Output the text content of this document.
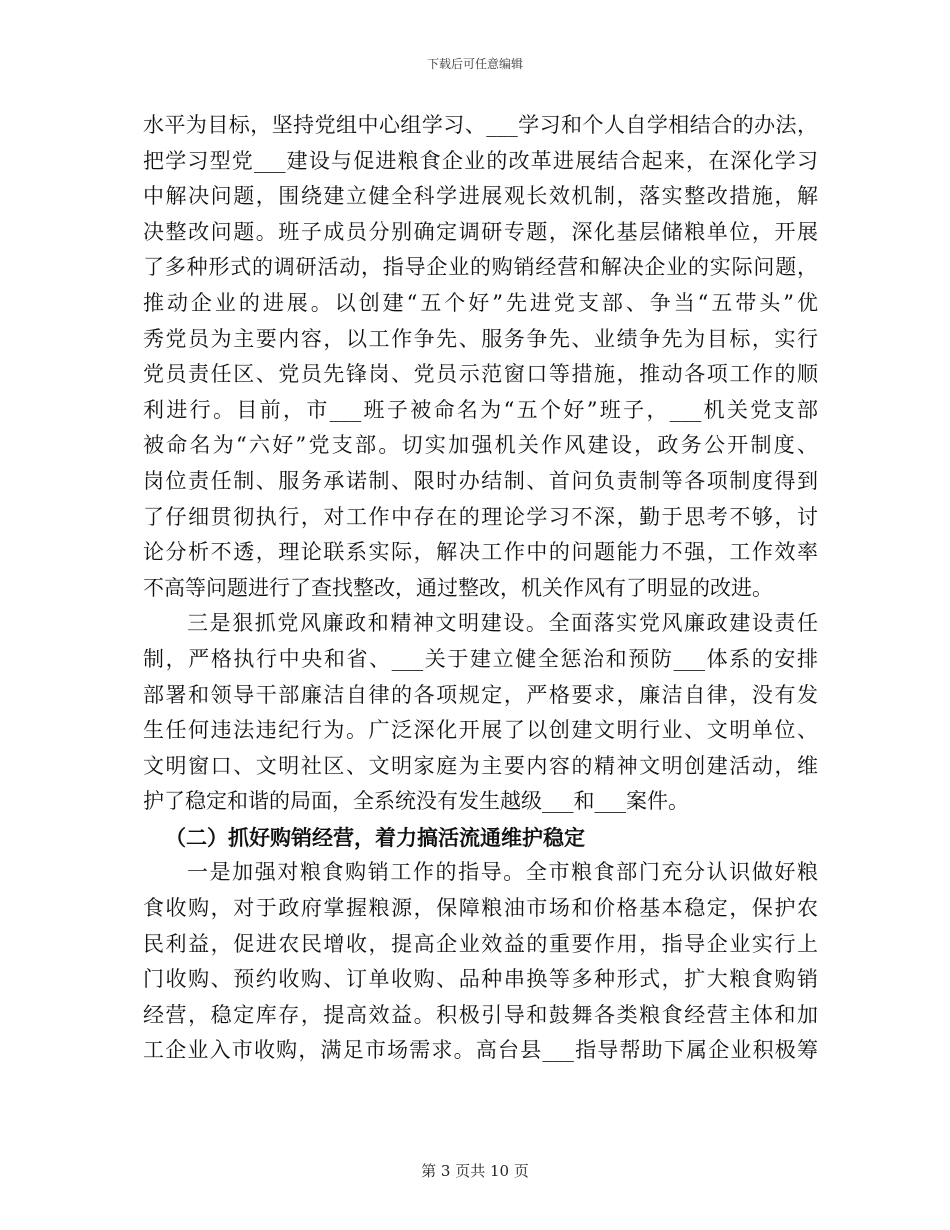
下载后可任意编辑
水平为目标，坚持党组中心组学习、___学习和个人自学相结合的办法，
把学习型党___建设与促进粮食企业的改革进展结合起来，在深化学习
中解决问题，围绕建立健全科学进展观长效机制，落实整改措施，解
决整改问题。班子成员分别确定调研专题，深化基层储粮单位，开展
了多种形式的调研活动，指导企业的购销经营和解决企业的实际问题，
推动企业的进展。以创建“五个好”先进党支部、争当“五带头”优
秀党员为主要内容，以工作争先、服务争先、业绩争先为目标，实行
党员责任区、党员先锋岗、党员示范窗口等措施，推动各项工作的顺
利进行。目前，市___班子被命名为“五个好”班子，___机关党支部
被命名为“六好”党支部。切实加强机关作风建设，政务公开制度、
岗位责任制、服务承诺制、限时办结制、首问负责制等各项制度得到
了仔细贯彻执行，对工作中存在的理论学习不深，勤于思考不够，讨
论分析不透，理论联系实际，解决工作中的问题能力不强，工作效率
不高等问题进行了查找整改，通过整改，机关作风有了明显的改进。
三是狠抓党风廉政和精神文明建设。全面落实党风廉政建设责任
制，严格执行中央和省、___关于建立健全惩治和预防___体系的安排
部署和领导干部廉洁自律的各项规定，严格要求，廉洁自律，没有发
生任何违法违纪行为。广泛深化开展了以创建文明行业、文明单位、
文明窗口、文明社区、文明家庭为主要内容的精神文明创建活动，维
护了稳定和谐的局面，全系统没有发生越级___和___案件。
（二）抓好购销经营，着力搞活流通维护稳定
一是加强对粮食购销工作的指导。全市粮食部门充分认识做好粮
食收购，对于政府掌握粮源，保障粮油市场和价格基本稳定，保护农
民利益，促进农民增收，提高企业效益的重要作用，指导企业实行上
门收购、预约收购、订单收购、品种串换等多种形式，扩大粮食购销
经营，稳定库存，提高效益。积极引导和鼓舞各类粮食经营主体和加
工企业入市收购，满足市场需求。高台县___指导帮助下属企业积极筹
第 3 页共 10 页
